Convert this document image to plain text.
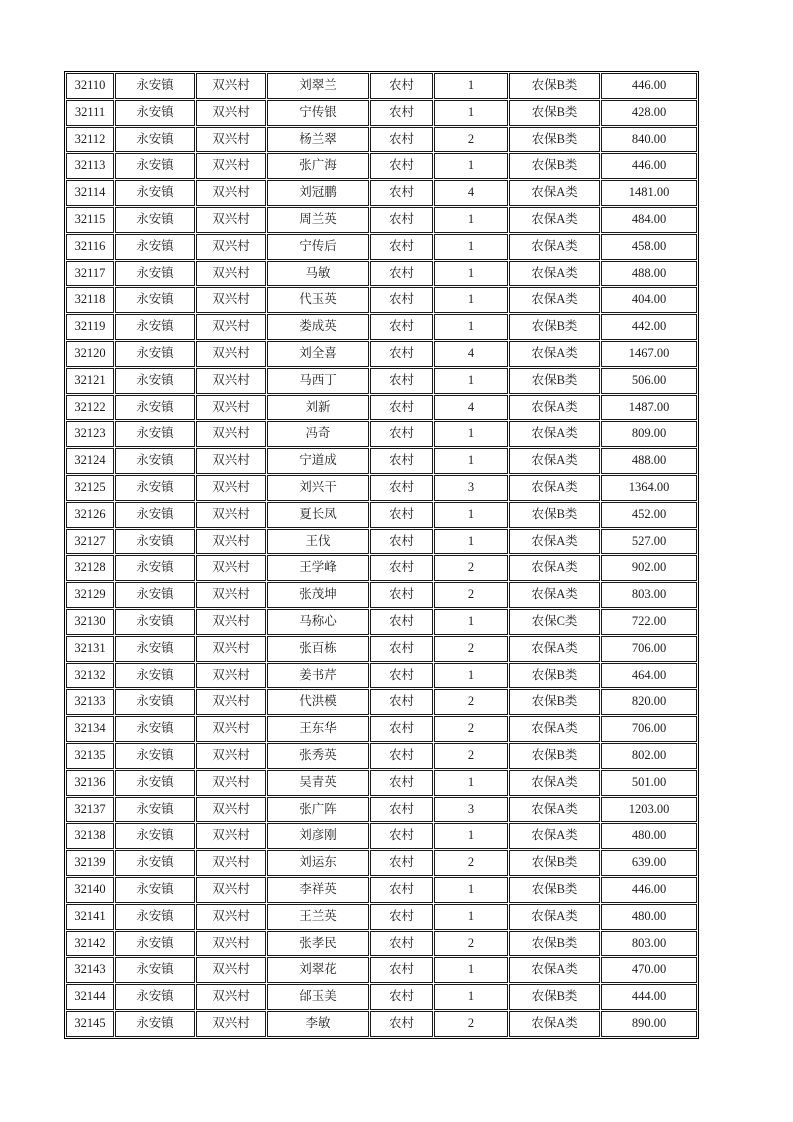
32110	永安镇	双兴村	刘翠兰	农村	1	农保B类	446.00
32111	永安镇	双兴村	宁传银	农村	1	农保B类	428.00
32112	永安镇	双兴村	杨兰翠	农村	2	农保B类	840.00
32113	永安镇	双兴村	张广海	农村	1	农保B类	446.00
32114	永安镇	双兴村	刘冠鹏	农村	4	农保A类	1481.00
32115	永安镇	双兴村	周兰英	农村	1	农保A类	484.00
32116	永安镇	双兴村	宁传后	农村	1	农保A类	458.00
32117	永安镇	双兴村	马敏	农村	1	农保A类	488.00
32118	永安镇	双兴村	代玉英	农村	1	农保A类	404.00
32119	永安镇	双兴村	娄成英	农村	1	农保B类	442.00
32120	永安镇	双兴村	刘全喜	农村	4	农保A类	1467.00
32121	永安镇	双兴村	马西丁	农村	1	农保B类	506.00
32122	永安镇	双兴村	刘新	农村	4	农保A类	1487.00
32123	永安镇	双兴村	冯奇	农村	1	农保A类	809.00
32124	永安镇	双兴村	宁道成	农村	1	农保A类	488.00
32125	永安镇	双兴村	刘兴干	农村	3	农保A类	1364.00
32126	永安镇	双兴村	夏长凤	农村	1	农保B类	452.00
32127	永安镇	双兴村	王伐	农村	1	农保A类	527.00
32128	永安镇	双兴村	王学峰	农村	2	农保A类	902.00
32129	永安镇	双兴村	张茂坤	农村	2	农保A类	803.00
32130	永安镇	双兴村	马称心	农村	1	农保C类	722.00
32131	永安镇	双兴村	张百栋	农村	2	农保A类	706.00
32132	永安镇	双兴村	姜书芹	农村	1	农保B类	464.00
32133	永安镇	双兴村	代洪模	农村	2	农保B类	820.00
32134	永安镇	双兴村	王东华	农村	2	农保A类	706.00
32135	永安镇	双兴村	张秀英	农村	2	农保B类	802.00
32136	永安镇	双兴村	吴青英	农村	1	农保A类	501.00
32137	永安镇	双兴村	张广阵	农村	3	农保A类	1203.00
32138	永安镇	双兴村	刘彦刚	农村	1	农保A类	480.00
32139	永安镇	双兴村	刘运东	农村	2	农保B类	639.00
32140	永安镇	双兴村	李祥英	农村	1	农保B类	446.00
32141	永安镇	双兴村	王兰英	农村	1	农保A类	480.00
32142	永安镇	双兴村	张孝民	农村	2	农保B类	803.00
32143	永安镇	双兴村	刘翠花	农村	1	农保A类	470.00
32144	永安镇	双兴村	邰玉美	农村	1	农保B类	444.00
32145	永安镇	双兴村	李敏	农村	2	农保A类	890.00
